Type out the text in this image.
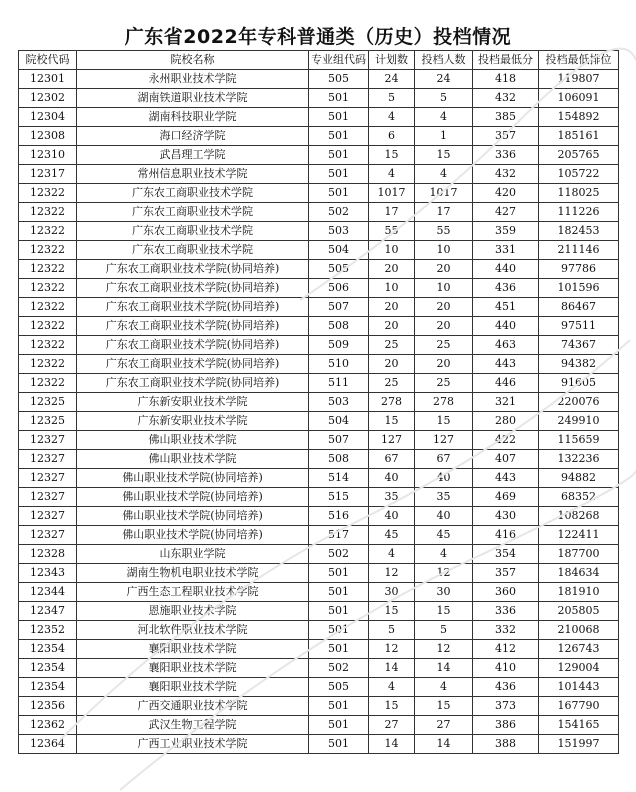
广东省2022年专科普通类（历史）投档情况
院校代码	院校名称	专业组代码	计划数	投档人数	投档最低分	投档最低排位
12301	永州职业技术学院	505	24	24	418	119807
12302	湖南铁道职业技术学院	501	5	5	432	106091
12304	湖南科技职业学院	501	4	4	385	154892
12308	海口经济学院	501	6	1	357	185161
12310	武昌理工学院	501	15	15	336	205765
12317	常州信息职业技术学院	501	4	4	432	105722
12322	广东农工商职业技术学院	501	1017	1017	420	118025
12322	广东农工商职业技术学院	502	17	17	427	111226
12322	广东农工商职业技术学院	503	55	55	359	182453
12322	广东农工商职业技术学院	504	10	10	331	211146
12322	广东农工商职业技术学院(协同培养)	505	20	20	440	97786
12322	广东农工商职业技术学院(协同培养)	506	10	10	436	101596
12322	广东农工商职业技术学院(协同培养)	507	20	20	451	86467
12322	广东农工商职业技术学院(协同培养)	508	20	20	440	97511
12322	广东农工商职业技术学院(协同培养)	509	25	25	463	74367
12322	广东农工商职业技术学院(协同培养)	510	20	20	443	94382
12322	广东农工商职业技术学院(协同培养)	511	25	25	446	91605
12325	广东新安职业技术学院	503	278	278	321	220076
12325	广东新安职业技术学院	504	15	15	280	249910
12327	佛山职业技术学院	507	127	127	422	115659
12327	佛山职业技术学院	508	67	67	407	132236
12327	佛山职业技术学院(协同培养)	514	40	40	443	94882
12327	佛山职业技术学院(协同培养)	515	35	35	469	68352
12327	佛山职业技术学院(协同培养)	516	40	40	430	108268
12327	佛山职业技术学院(协同培养)	517	45	45	416	122411
12328	山东职业学院	502	4	4	354	187700
12343	湖南生物机电职业技术学院	501	12	12	357	184634
12344	广西生态工程职业技术学院	501	30	30	360	181910
12347	恩施职业技术学院	501	15	15	336	205805
12352	河北软件职业技术学院	501	5	5	332	210068
12354	襄阳职业技术学院	501	12	12	412	126743
12354	襄阳职业技术学院	502	14	14	410	129004
12354	襄阳职业技术学院	505	4	4	436	101443
12356	广西交通职业技术学院	501	15	15	373	167790
12362	武汉生物工程学院	501	27	27	386	154165
12364	广西工业职业技术学院	501	14	14	388	151997
